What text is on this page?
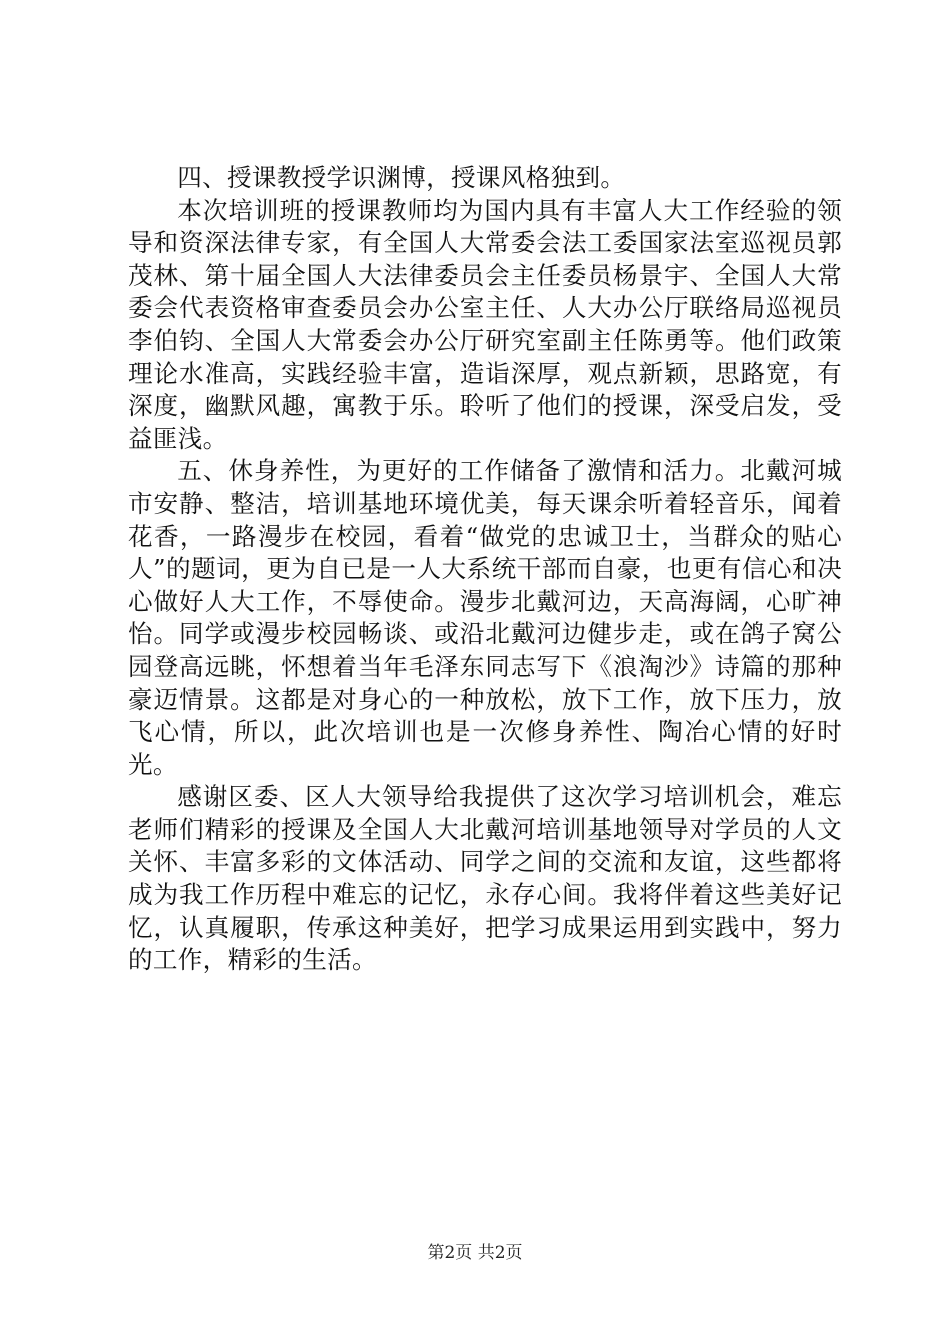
四、授课教授学识渊博，授课风格独到。

本次培训班的授课教师均为国内具有丰富人大工作经验的领导和资深法律专家，有全国人大常委会法工委国家法室巡视员郭茂林、第十届全国人大法律委员会主任委员杨景宇、全国人大常委会代表资格审查委员会办公室主任、人大办公厅联络局巡视员李伯钧、全国人大常委会办公厅研究室副主任陈勇等。他们政策理论水准高，实践经验丰富，造诣深厚，观点新颖，思路宽，有深度，幽默风趣，寓教于乐。聆听了他们的授课，深受启发，受益匪浅。

五、休身养性，为更好的工作储备了激情和活力。北戴河城市安静、整洁，培训基地环境优美，每天课余听着轻音乐，闻着花香，一路漫步在校园，看着“做党的忠诚卫士，当群众的贴心人”的题词，更为自已是一人大系统干部而自豪，也更有信心和决心做好人大工作，不辱使命。漫步北戴河边，天高海阔，心旷神怡。同学或漫步校园畅谈、或沿北戴河边健步走，或在鸽子窝公园登高远眺，怀想着当年毛泽东同志写下《浪淘沙》诗篇的那种豪迈情景。这都是对身心的一种放松，放下工作，放下压力，放飞心情，所以，此次培训也是一次修身养性、陶冶心情的好时光。

感谢区委、区人大领导给我提供了这次学习培训机会，难忘老师们精彩的授课及全国人大北戴河培训基地领导对学员的人文关怀、丰富多彩的文体活动、同学之间的交流和友谊，这些都将成为我工作历程中难忘的记忆，永存心间。我将伴着这些美好记忆，认真履职，传承这种美好，把学习成果运用到实践中，努力的工作，精彩的生活。

第2页 共2页
